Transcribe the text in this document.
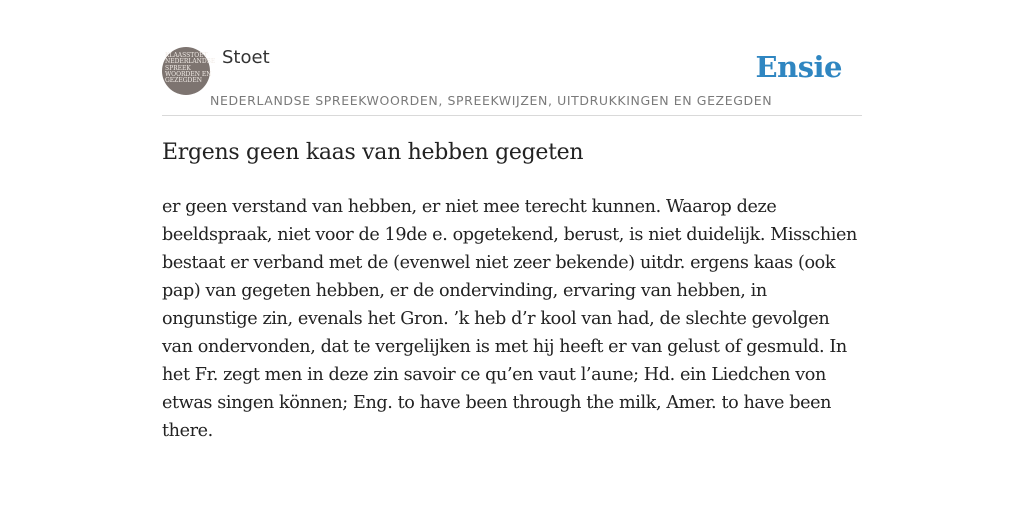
KLAASSTOET
NEDERLANDSE
SPREEK
WOORDEN EN
GEZEGDEN
Stoet	Ensie
NEDERLANDSE SPREEKWOORDEN, SPREEKWIJZEN, UITDRUKKINGEN EN GEZEGDEN
Ergens geen kaas van hebben gegeten

er geen verstand van hebben, er niet mee terecht kunnen. Waarop deze beeldspraak, niet voor de 19de e. opgetekend, berust, is niet duidelijk. Misschien bestaat er verband met de (evenwel niet zeer bekende) uitdr. ergens kaas (ook pap) van gegeten hebben, er de ondervinding, ervaring van hebben, in ongunstige zin, evenals het Gron. ’k heb d’r kool van had, de slechte gevolgen van ondervonden, dat te vergelijken is met hij heeft er van gelust of gesmuld. In het Fr. zegt men in deze zin savoir ce qu’en vaut l’aune; Hd. ein Liedchen von etwas singen können; Eng. to have been through the milk, Amer. to have been there.
